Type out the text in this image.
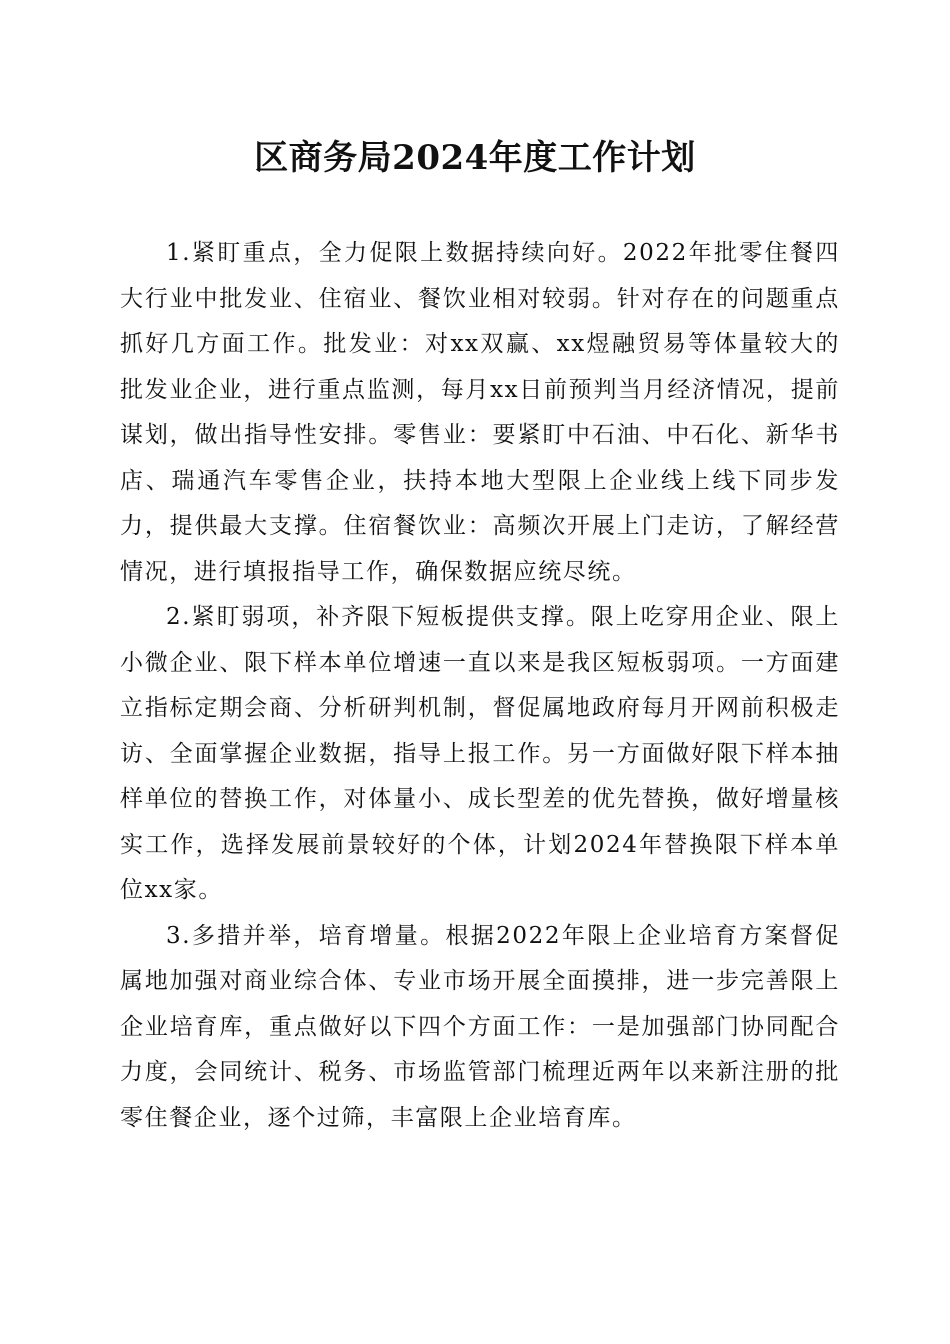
区商务局2024年度工作计划

1.紧盯重点，全力促限上数据持续向好。2022年批零住餐四大行业中批发业、住宿业、餐饮业相对较弱。针对存在的问题重点抓好几方面工作。批发业：对xx双赢、xx煜融贸易等体量较大的批发业企业，进行重点监测，每月xx日前预判当月经济情况，提前谋划，做出指导性安排。零售业：要紧盯中石油、中石化、新华书店、瑞通汽车零售企业，扶持本地大型限上企业线上线下同步发力，提供最大支撑。住宿餐饮业：高频次开展上门走访，了解经营情况，进行填报指导工作，确保数据应统尽统。

2.紧盯弱项，补齐限下短板提供支撑。限上吃穿用企业、限上小微企业、限下样本单位增速一直以来是我区短板弱项。一方面建立指标定期会商、分析研判机制，督促属地政府每月开网前积极走访、全面掌握企业数据，指导上报工作。另一方面做好限下样本抽样单位的替换工作，对体量小、成长型差的优先替换，做好增量核实工作，选择发展前景较好的个体，计划2024年替换限下样本单位xx家。

3.多措并举，培育增量。根据2022年限上企业培育方案督促属地加强对商业综合体、专业市场开展全面摸排，进一步完善限上企业培育库，重点做好以下四个方面工作：一是加强部门协同配合力度，会同统计、税务、市场监管部门梳理近两年以来新注册的批零住餐企业，逐个过筛，丰富限上企业培育库。
